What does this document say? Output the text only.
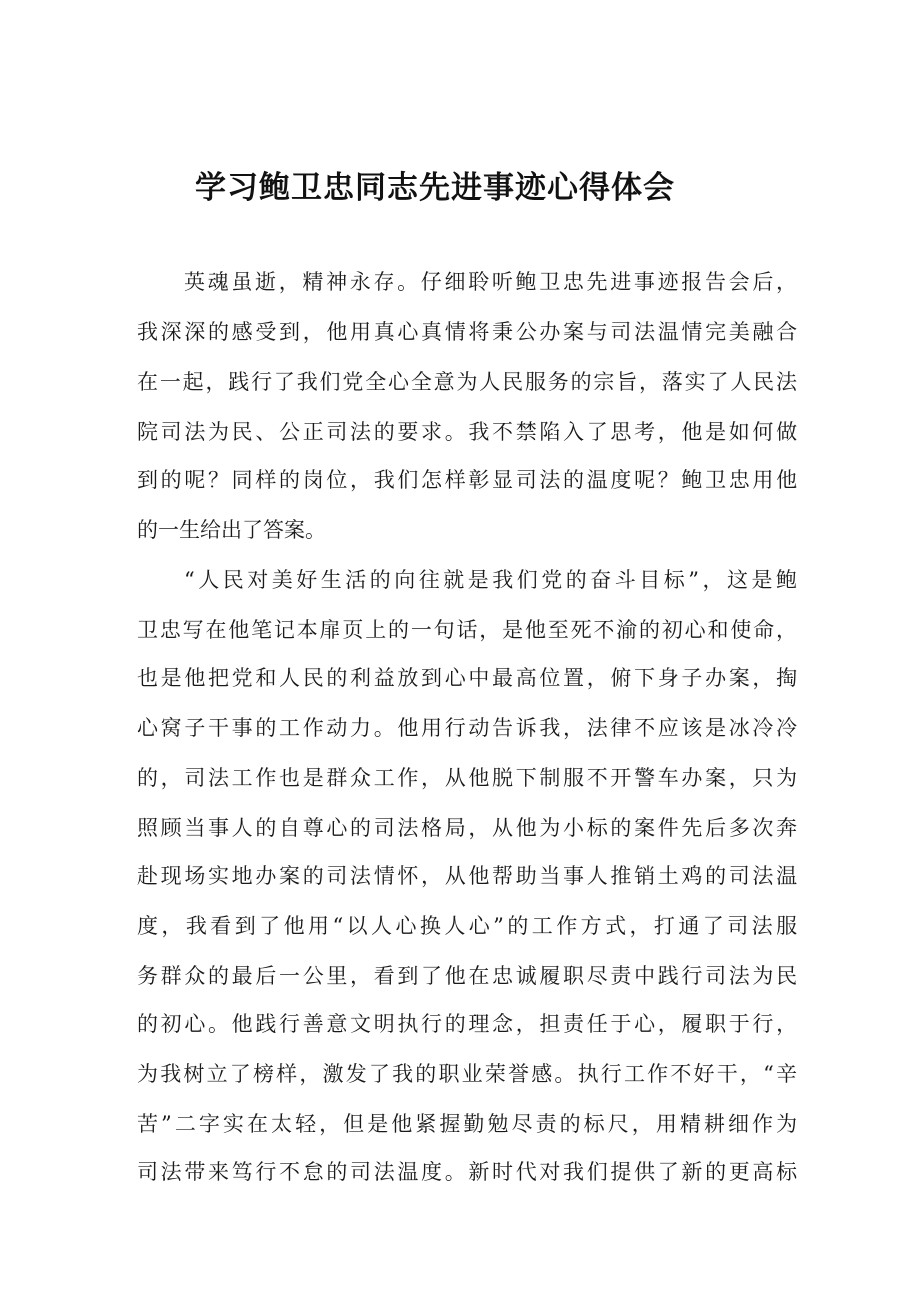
学习鲍卫忠同志先进事迹心得体会
英魂虽逝，精神永存。仔细聆听鲍卫忠先进事迹报告会后，
我深深的感受到，他用真心真情将秉公办案与司法温情完美融合
在一起，践行了我们党全心全意为人民服务的宗旨，落实了人民法
院司法为民、公正司法的要求。我不禁陷入了思考，他是如何做
到的呢？同样的岗位，我们怎样彰显司法的温度呢？鲍卫忠用他
的一生给出了答案。
“人民对美好生活的向往就是我们党的奋斗目标”，这是鲍
卫忠写在他笔记本扉页上的一句话，是他至死不渝的初心和使命，
也是他把党和人民的利益放到心中最高位置，俯下身子办案，掏
心窝子干事的工作动力。他用行动告诉我，法律不应该是冰冷冷
的，司法工作也是群众工作，从他脱下制服不开警车办案，只为
照顾当事人的自尊心的司法格局，从他为小标的案件先后多次奔
赴现场实地办案的司法情怀，从他帮助当事人推销土鸡的司法温
度，我看到了他用“以人心换人心”的工作方式，打通了司法服
务群众的最后一公里，看到了他在忠诚履职尽责中践行司法为民
的初心。他践行善意文明执行的理念，担责任于心，履职于行，
为我树立了榜样，激发了我的职业荣誉感。执行工作不好干，“辛
苦”二字实在太轻，但是他紧握勤勉尽责的标尺，用精耕细作为
司法带来笃行不怠的司法温度。新时代对我们提供了新的更高标
